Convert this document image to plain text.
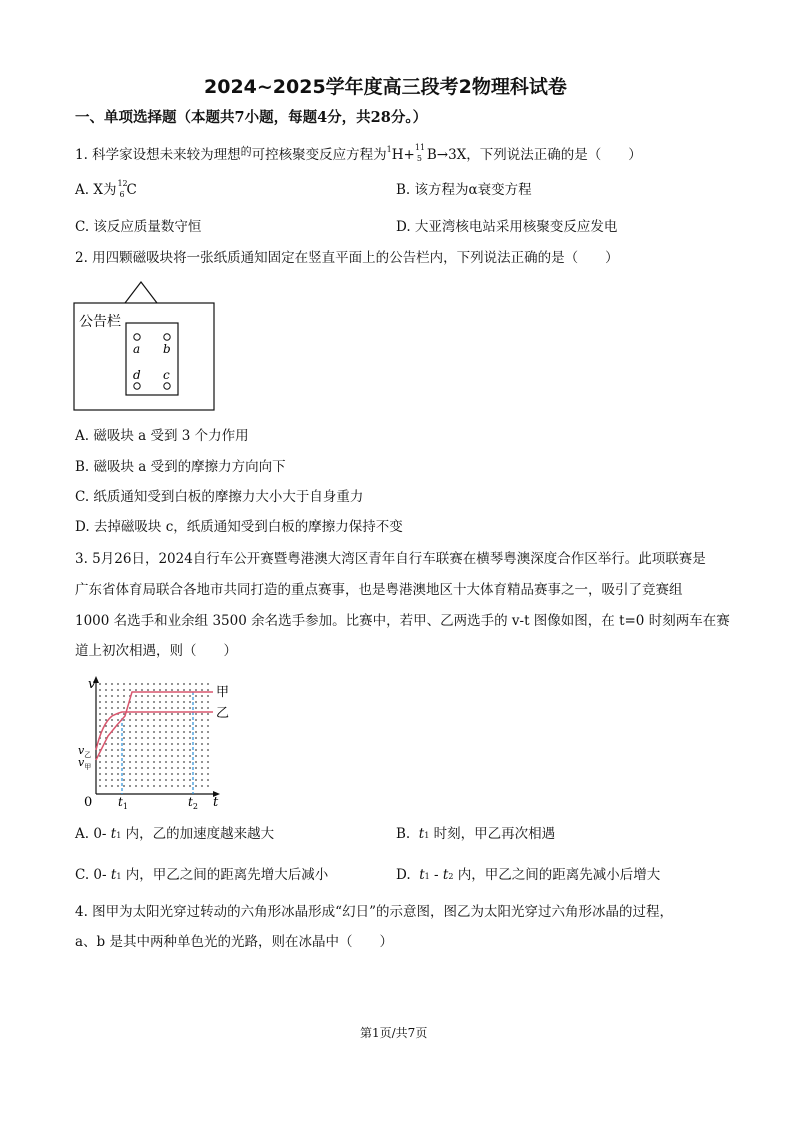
2024~2025学年度高三段考2物理科试卷
一、单项选择题（本题共7小题，每题4分，共28分。）
1. 科学家设想未来较为理想$^的$可控核聚变反应方程为$^1$H+ 11
5 B→3X，下列说法正确的是（　　）
A. X为 12
6 C	B. 该方程为α衰变方程
C. 该反应质量数守恒	D. 大亚湾核电站采用核聚变反应发电
2. 用四颗磁吸块将一张纸质通知固定在竖直平面上的公告栏内，下列说法正确的是（　　）
公告栏
a b
d c
A. 磁吸块 a 受到 3 个力作用
B. 磁吸块 a 受到的摩擦力方向向下
C. 纸质通知受到白板的摩擦力大小大于自身重力
D. 去掉磁吸块 c，纸质通知受到白板的摩擦力保持不变
3. 5月26日，2024自行车公开赛暨粤港澳大湾区青年自行车联赛在横琴粤澳深度合作区举行。此项联赛是
广东省体育局联合各地市共同打造的重点赛事，也是粤港澳地区十大体育精品赛事之一，吸引了竞赛组
1000 名选手和业余组 3500 余名选手参加。比赛中，若甲、乙两选手的 v-t 图像如图，在 t=0 时刻两车在赛
道上初次相遇，则（　　）
v
t
0
甲
乙
$v_乙$
$v_甲$
$t_1$	$t_2$
A. 0- t1 内，乙的加速度越来越大	B.  t1 时刻，甲乙再次相遇
C. 0- t1 内，甲乙之间的距离先增大后减小	D.  t1 - t2 内，甲乙之间的距离先减小后增大
4. 图甲为太阳光穿过转动的六角形冰晶形成“幻日”的示意图，图乙为太阳光穿过六角形冰晶的过程，
a、b 是其中两种单色光的光路，则在冰晶中（　　）
第1页/共7页
